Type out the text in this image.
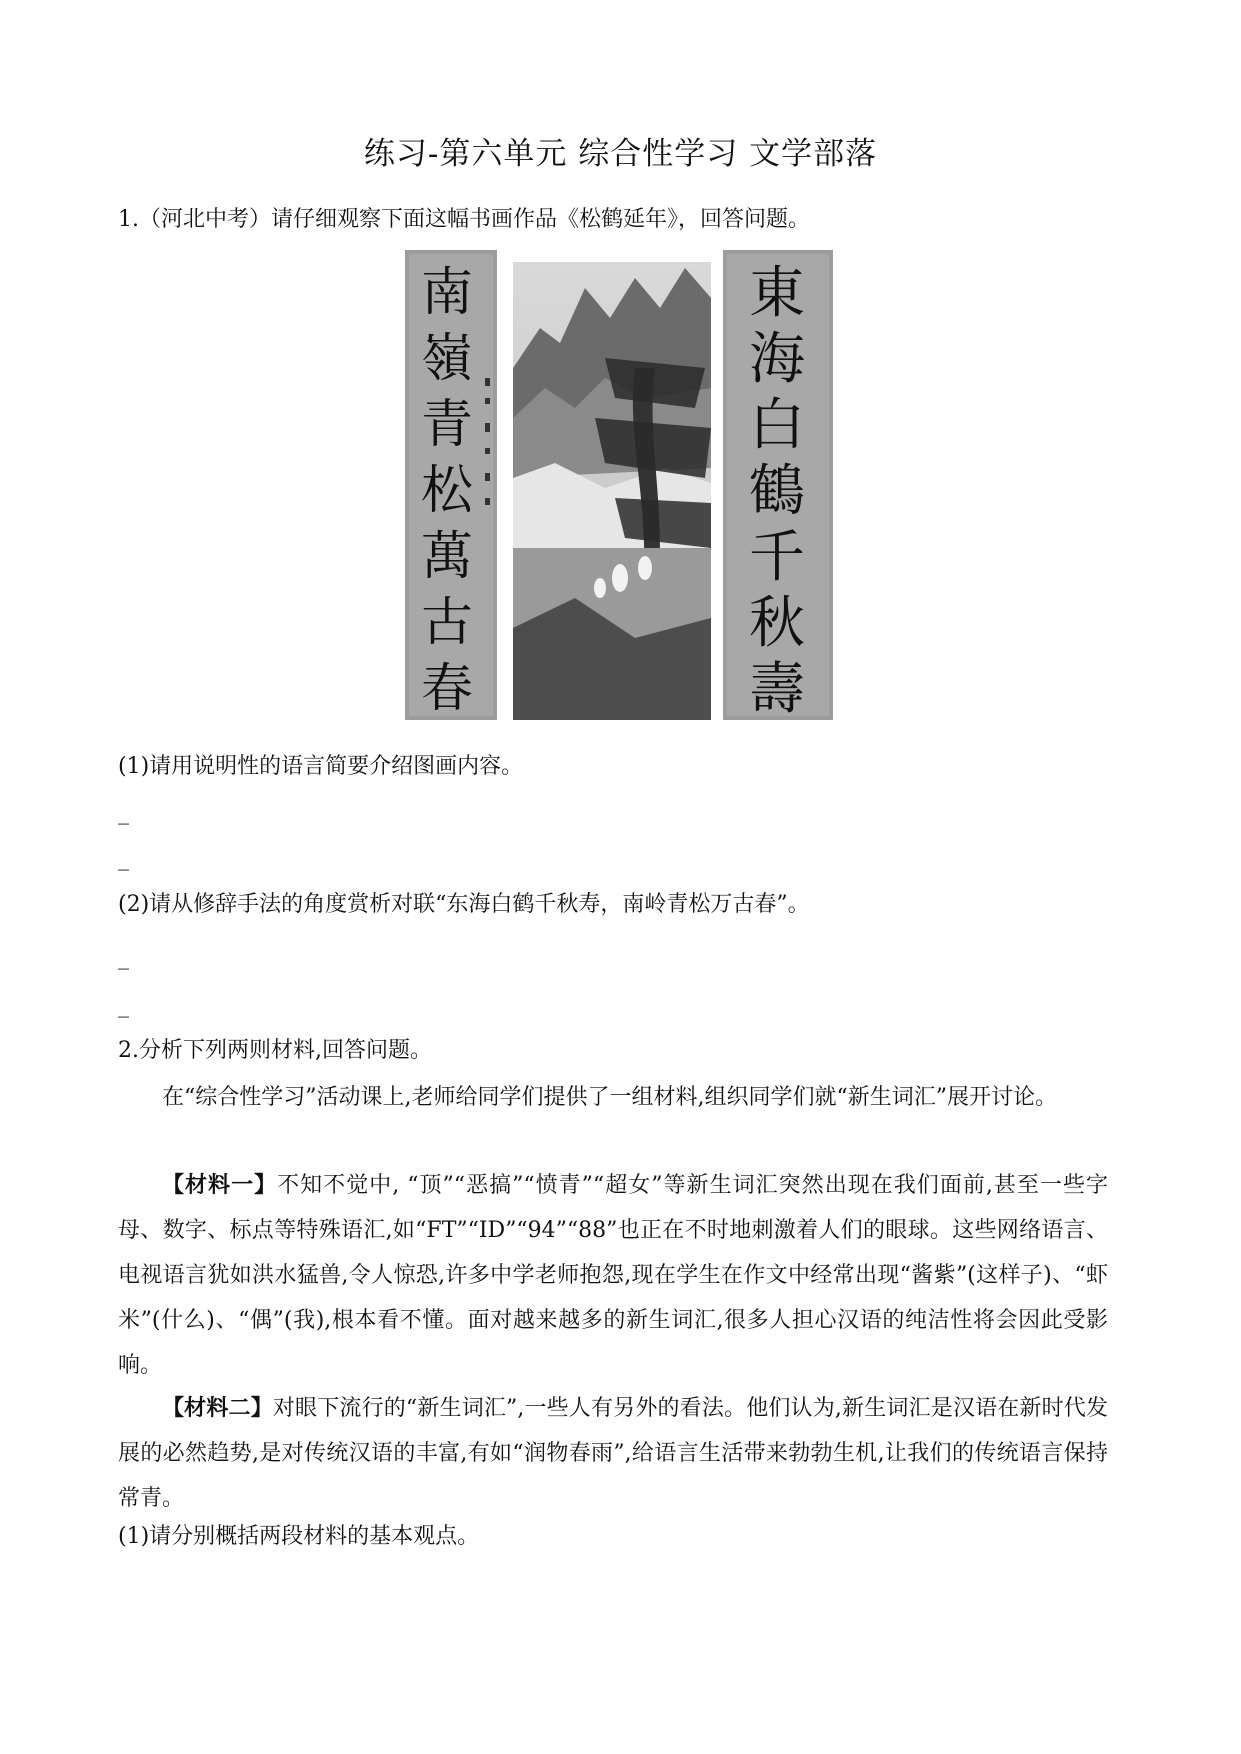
练习-第六单元 综合性学习 文学部落
1.（河北中考）请仔细观察下面这幅书画作品《松鹤延年》，回答问题。
南
嶺
青
松
萬
古
春
東
海
白
鶴
千
秋
壽
(1)请用说明性的语言简要介绍图画内容。
_
_
(2)请从修辞手法的角度赏析对联“东海白鹤千秋寿，南岭青松万古春”。
_
_
2.分析下列两则材料,回答问题。
在“综合性学习”活动课上,老师给同学们提供了一组材料,组织同学们就“新生词汇”展开讨论。
【材料一】不知不觉中, “顶”“恶搞”“愤青”“超女”等新生词汇突然出现在我们面前,甚至一些字母、数字、标点等特殊语汇,如“FT”“ID”“94”“88”也正在不时地刺激着人们的眼球。这些网络语言、电视语言犹如洪水猛兽,令人惊恐,许多中学老师抱怨,现在学生在作文中经常出现“酱紫”(这样子)、“虾米”(什么)、“偶”(我),根本看不懂。面对越来越多的新生词汇,很多人担心汉语的纯洁性将会因此受影响。
【材料二】对眼下流行的“新生词汇”,一些人有另外的看法。他们认为,新生词汇是汉语在新时代发展的必然趋势,是对传统汉语的丰富,有如“润物春雨”,给语言生活带来勃勃生机,让我们的传统语言保持常青。
(1)请分别概括两段材料的基本观点。
